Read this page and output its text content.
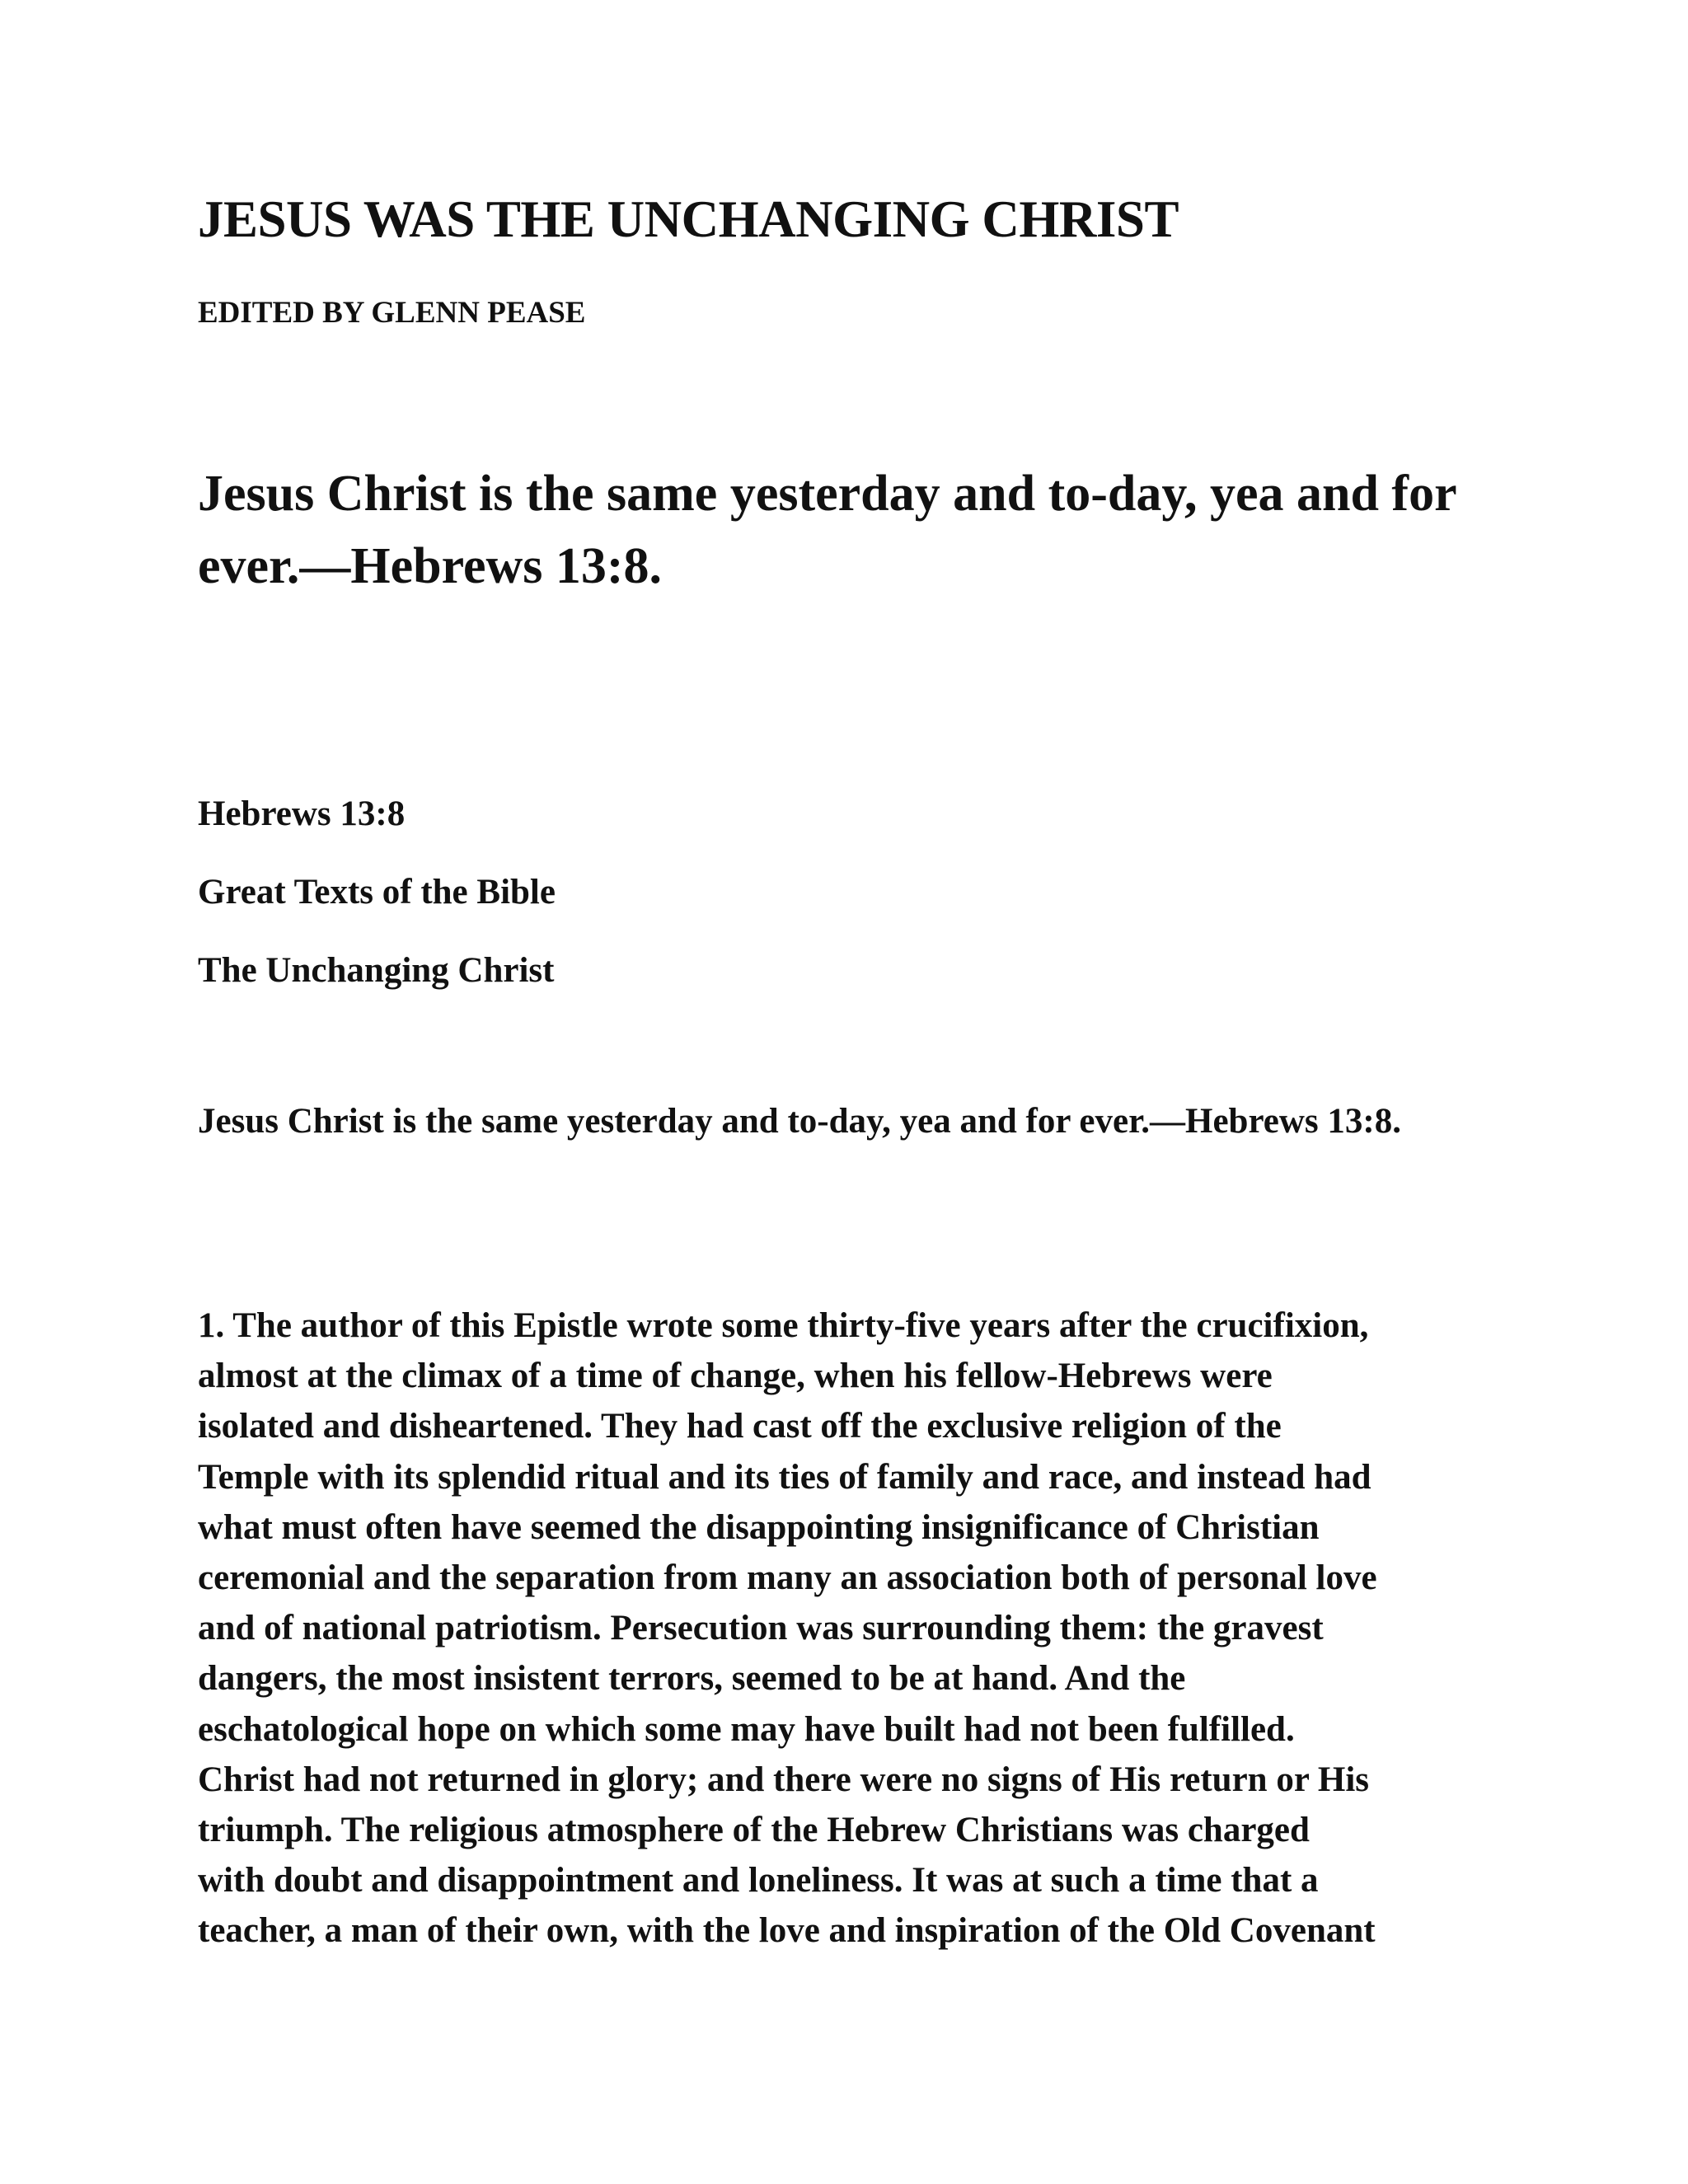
JESUS WAS THE UNCHANGING CHRIST
EDITED BY GLENN PEASE
Jesus Christ is the same yesterday and to-day, yea and for ever.—Hebrews 13:8.
Hebrews 13:8
Great Texts of the Bible
The Unchanging Christ
Jesus Christ is the same yesterday and to-day, yea and for ever.—Hebrews 13:8.
1. The author of this Epistle wrote some thirty-five years after the crucifixion,
almost at the climax of a time of change, when his fellow-Hebrews were
isolated and disheartened. They had cast off the exclusive religion of the
Temple with its splendid ritual and its ties of family and race, and instead had
what must often have seemed the disappointing insignificance of Christian
ceremonial and the separation from many an association both of personal love
and of national patriotism. Persecution was surrounding them: the gravest
dangers, the most insistent terrors, seemed to be at hand. And the
eschatological hope on which some may have built had not been fulfilled.
Christ had not returned in glory; and there were no signs of His return or His
triumph. The religious atmosphere of the Hebrew Christians was charged
with doubt and disappointment and loneliness. It was at such a time that a
teacher, a man of their own, with the love and inspiration of the Old Covenant
